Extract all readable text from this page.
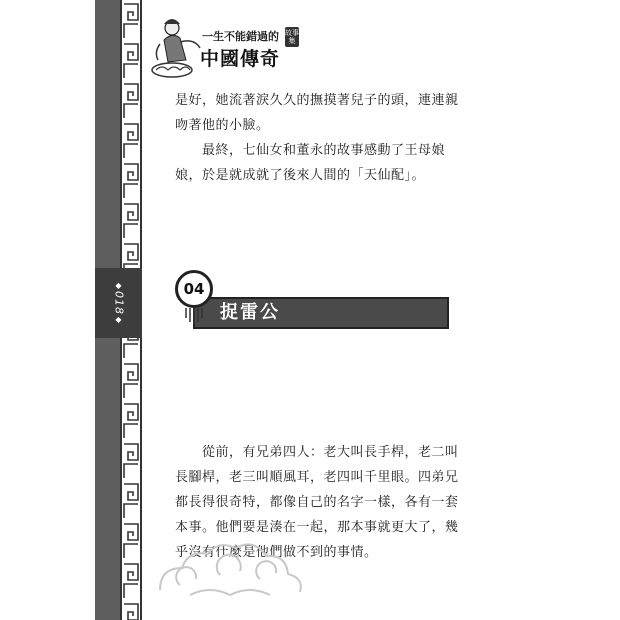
◆
018
◆
一生不能錯過的
中國傳奇
故事集

是好，她流著淚久久的撫摸著兒子的頭，連連親吻著他的小臉。

　　最終，七仙女和董永的故事感動了王母娘娘，於是就成就了後來人間的「天仙配」。

捉雷公
04

　　從前，有兄弟四人：老大叫長手桿，老二叫長腳桿，老三叫順風耳，老四叫千里眼。四弟兄都長得很奇特，都像自己的名字一樣，各有一套本事。他們要是湊在一起，那本事就更大了，幾乎沒有什麼是他們做不到的事情。
